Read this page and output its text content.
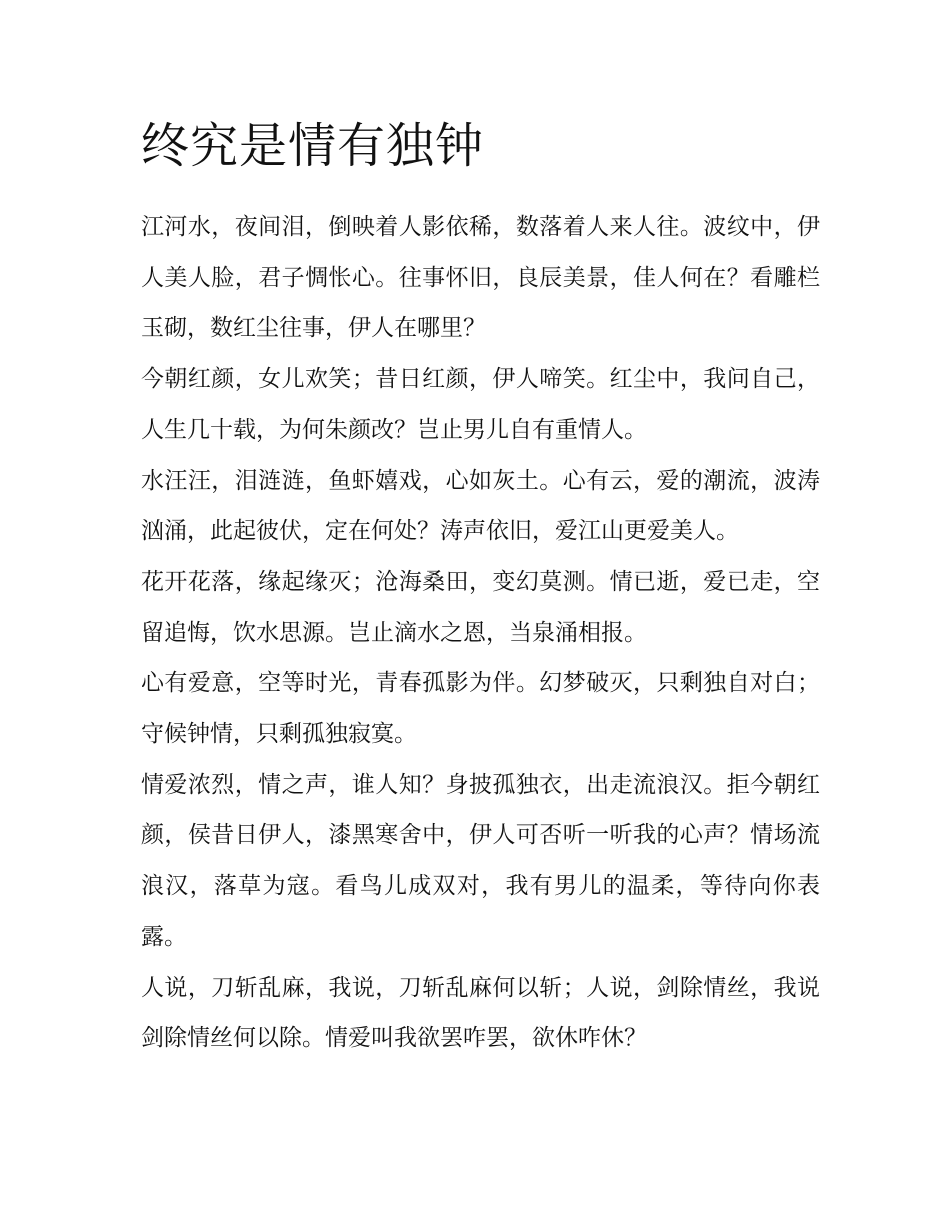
终究是情有独钟

江河水，夜间泪，倒映着人影依稀，数落着人来人往。波纹中，伊人美人脸，君子惆怅心。往事怀旧，良辰美景，佳人何在？看雕栏玉砌，数红尘往事，伊人在哪里？

今朝红颜，女儿欢笑；昔日红颜，伊人啼笑。红尘中，我问自己，人生几十载，为何朱颜改？岂止男儿自有重情人。

水汪汪，泪涟涟，鱼虾嬉戏，心如灰土。心有云，爱的潮流，波涛汹涌，此起彼伏，定在何处？涛声依旧，爱江山更爱美人。

花开花落，缘起缘灭；沧海桑田，变幻莫测。情已逝，爱已走，空留追悔，饮水思源。岂止滴水之恩，当泉涌相报。

心有爱意，空等时光，青春孤影为伴。幻梦破灭，只剩独自对白；守候钟情，只剩孤独寂寞。

情爱浓烈，情之声，谁人知？身披孤独衣，出走流浪汉。拒今朝红颜，侯昔日伊人，漆黑寒舍中，伊人可否听一听我的心声？情场流浪汉，落草为寇。看鸟儿成双对，我有男儿的温柔，等待向你表露。

人说，刀斩乱麻，我说，刀斩乱麻何以斩；人说，剑除情丝，我说剑除情丝何以除。情爱叫我欲罢咋罢，欲休咋休？
